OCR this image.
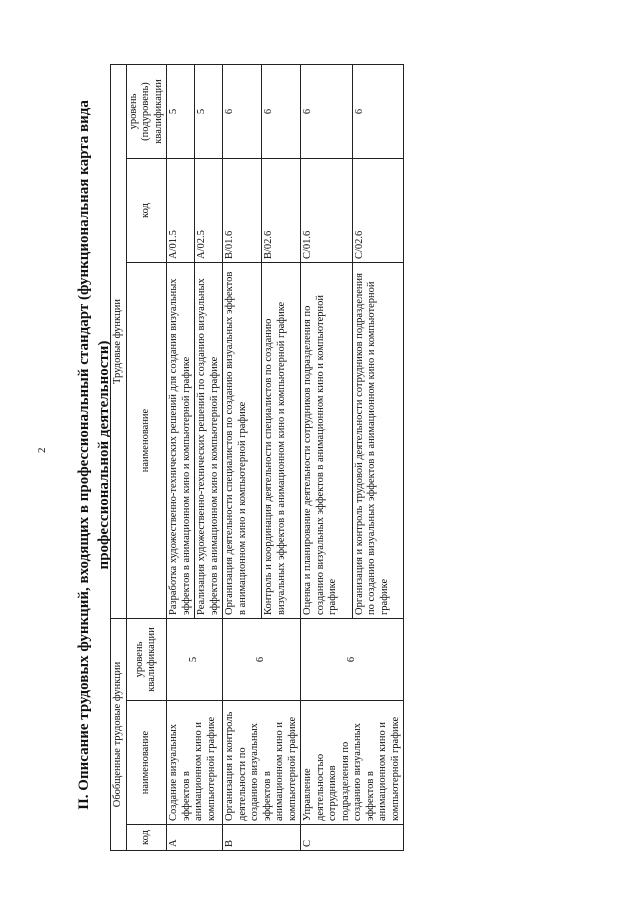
2 II. Описание трудовых функций, входящих в профессиональный стандарт (функциональная карта вида профессиональной деятельности)
Обобщенные трудовые функции			Трудовые функции		
код	наименование	уровень квалификации	наименование	код	уровень (подуровень) квалификации
A	Создание визуальных эффектов в анимационном кино и компьютерной графике	5	Разработка художественно-технических решений для создания визуальных эффектов в анимационном кино и компьютерной графике	A/01.5	5
			Реализация художественно-технических решений по созданию визуальных эффектов в анимационном кино и компьютерной графике	A/02.5	5
B	Организация и контроль деятельности по созданию визуальных эффектов в анимационном кино и компьютерной графике	6	Организация деятельности специалистов по созданию визуальных эффектов в анимационном кино и компьютерной графике	B/01.6	6
			Контроль и координация деятельности специалистов по созданию визуальных эффектов в анимационном кино и компьютерной графике	B/02.6	6
C	Управление деятельностью сотрудников подразделения по созданию визуальных эффектов в анимационном кино и компьютерной графике	6	Оценка и планирование деятельности сотрудников подразделения по созданию визуальных эффектов в анимационном кино и компьютерной графике	C/01.6	6
			Организация и контроль трудовой деятельности сотрудников подразделения по созданию визуальных эффектов в анимационном кино и компьютерной графике	C/02.6	6
